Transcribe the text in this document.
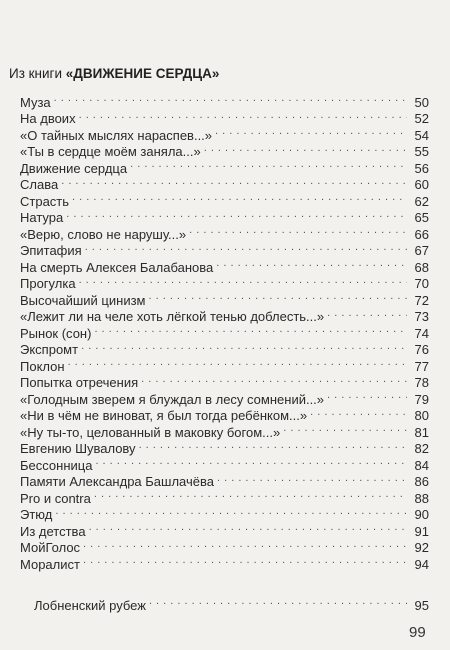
Из книги «ДВИЖЕНИЕ СЕРДЦА»
Муза . . .	50
На двоих . . .	52
«О тайных мыслях нараспев...» . . .	54
«Ты в сердце моём заняла...» . . .	55
Движение сердца . . .	56
Слава . . .	60
Страсть . . .	62
Натура . . .	65
«Верю, слово не нарушу...» . . .	66
Эпитафия . . .	67
На смерть Алексея Балабанова . . .	68
Прогулка . . .	70
Высочайший цинизм . . .	72
«Лежит ли на челе хоть лёгкой тенью доблесть...» . . .	73
Рынок (сон) . . .	74
Экспромт . . .	76
Поклон . . .	77
Попытка отречения . . .	78
«Голодным зверем я блуждал в лесу сомнений...» . . .	79
«Ни в чём не виноват, я был тогда ребёнком...» . . .	80
«Ну ты-то, целованный в маковку богом...» . . .	81
Евгению Шувалову . . .	82
Бессонница . . .	84
Памяти Александра Башлачёва . . .	86
Pro и contra . . .	88
Этюд . . .	90
Из детства . . .	91
МойГолос . . .	92
Моралист . . .	94
Лобненский рубеж . . .	95
99
